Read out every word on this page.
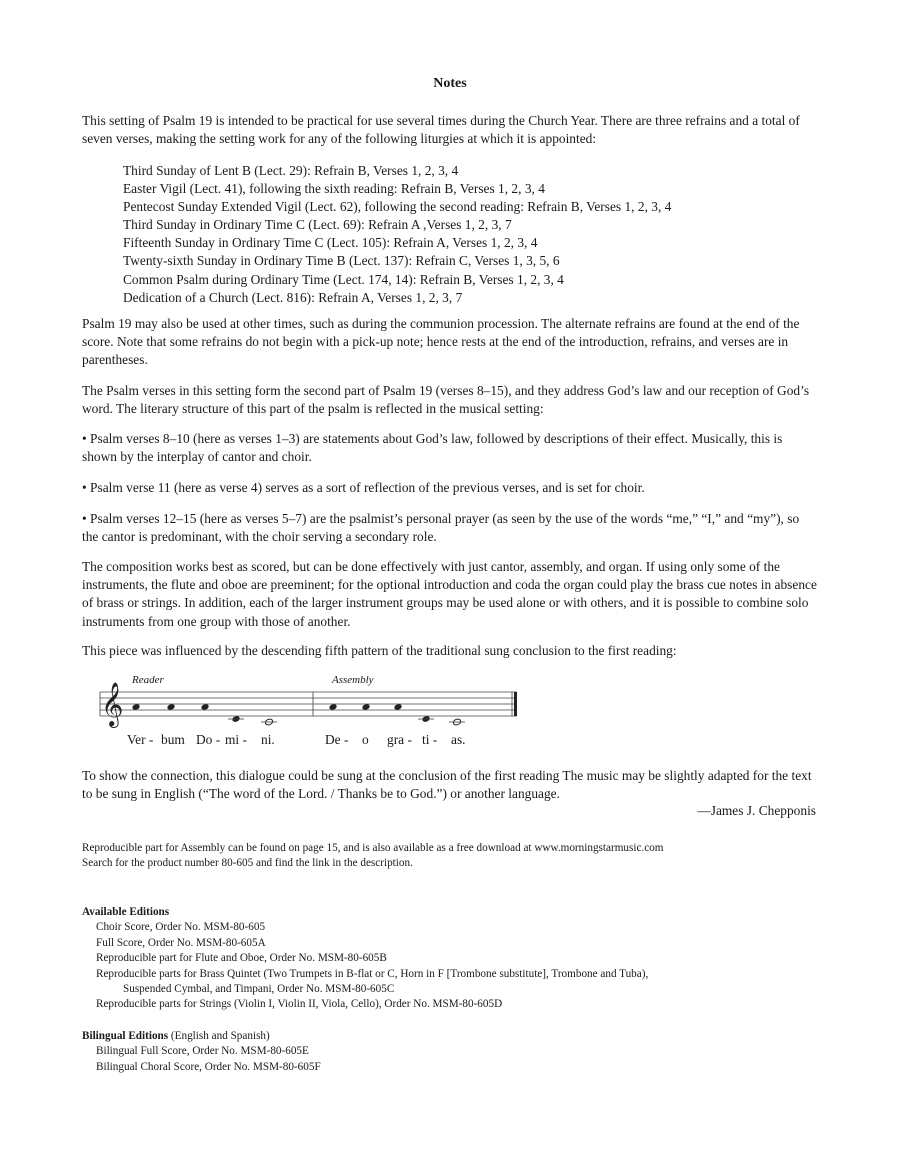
Notes

This setting of Psalm 19 is intended to be practical for use several times during the Church Year. There are three refrains and a total of seven verses, making the setting work for any of the following liturgies at which it is appointed:

Third Sunday of Lent B (Lect. 29): Refrain B, Verses 1, 2, 3, 4
Easter Vigil (Lect. 41), following the sixth reading: Refrain B, Verses 1, 2, 3, 4
Pentecost Sunday Extended Vigil (Lect. 62), following the second reading: Refrain B, Verses 1, 2, 3, 4
Third Sunday in Ordinary Time C (Lect. 69): Refrain A ,Verses 1, 2, 3, 7
Fifteenth Sunday in Ordinary Time C (Lect. 105): Refrain A, Verses 1, 2, 3, 4
Twenty-sixth Sunday in Ordinary Time B (Lect. 137): Refrain C, Verses 1, 3, 5, 6
Common Psalm during Ordinary Time (Lect. 174, 14): Refrain B, Verses 1, 2, 3, 4
Dedication of a Church (Lect. 816): Refrain A, Verses 1, 2, 3, 7

Psalm 19 may also be used at other times, such as during the communion procession. The alternate refrains are found at the end of the score. Note that some refrains do not begin with a pick-up note; hence rests at the end of the introduction, refrains, and verses are in parentheses.

The Psalm verses in this setting form the second part of Psalm 19 (verses 8–15), and they address God’s law and our reception of God’s word. The literary structure of this part of the psalm is reflected in the musical setting:

• Psalm verses 8–10 (here as verses 1–3) are statements about God’s law, followed by descriptions of their effect. Musically, this is shown by the interplay of cantor and choir.

• Psalm verse 11 (here as verse 4) serves as a sort of reflection of the previous verses, and is set for choir.

• Psalm verses 12–15 (here as verses 5–7) are the psalmist’s personal prayer (as seen by the use of the words “me,” “I,” and “my”), so the cantor is predominant, with the choir serving a secondary role.

The composition works best as scored, but can be done effectively with just cantor, assembly, and organ. If using only some of the instruments, the flute and oboe are preeminent; for the optional introduction and coda the organ could play the brass cue notes in absence of brass or strings. In addition, each of the larger instrument groups may be used alone or with others, and it is possible to combine solo instruments from one group with those of another.

This piece was influenced by the descending fifth pattern of the traditional sung conclusion to the first reading:

𝄞
Reader	Assembly
Ver - bum Do - mi - ni.	De - o gra - ti - as.

To show the connection, this dialogue could be sung at the conclusion of the first reading The music may be slightly adapted for the text to be sung in English (“The word of the Lord. / Thanks be to God.”) or another language.

—James J. Chepponis
Reproducible part for Assembly can be found on page 15, and is also available as a free download at www.morningstarmusic.com
Search for the product number 80-605 and find the link in the description.
Available Editions
Choir Score, Order No. MSM-80-605
Full Score, Order No. MSM-80-605A
Reproducible part for Flute and Oboe, Order No. MSM-80-605B
Reproducible parts for Brass Quintet (Two Trumpets in B-flat or C, Horn in F [Trombone substitute], Trombone and Tuba),
Suspended Cymbal, and Timpani, Order No. MSM-80-605C
Reproducible parts for Strings (Violin I, Violin II, Viola, Cello), Order No. MSM-80-605D
Bilingual Editions (English and Spanish)
Bilingual Full Score, Order No. MSM-80-605E
Bilingual Choral Score, Order No. MSM-80-605F
